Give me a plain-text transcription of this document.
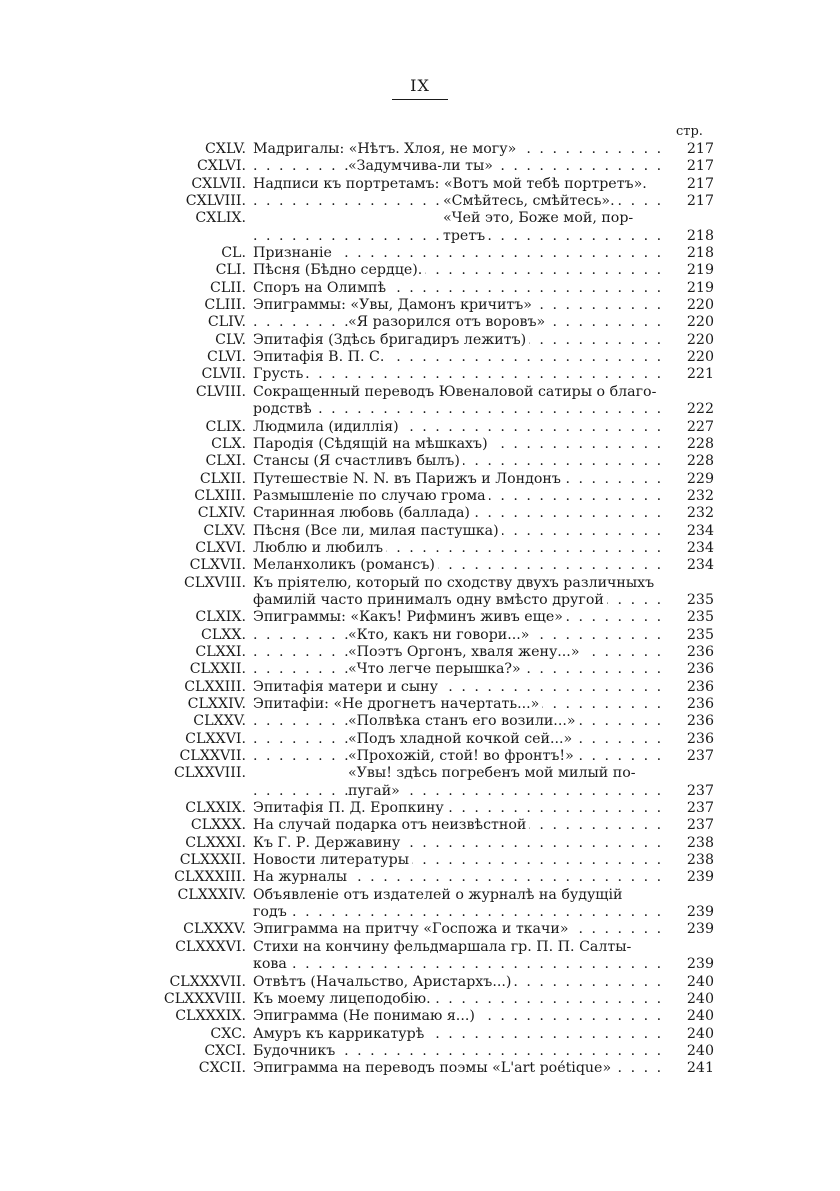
IX
стр.
CXLV. Мадригалы: «Нѣтъ. Хлоя, не могу» . . .	217
CXLVI.	«Задумчива-ли ты» . . .	217
CXLVII. Надписи къ портретамъ: «Вотъ мой тебѣ портретъ».	217
CXLVIII.	«Смѣйтесь, смѣйтесь». . . .	217
CXLIX.	«Чей это, Боже мой, пор-
третъ . . .	218
CL. Признаніе . . .	218
CLI. Пѣсня (Бѣдно сердце). . . .	219
CLII. Споръ на Олимпѣ . . .	219
CLIII. Эпиграммы: «Увы, Дамонъ кричитъ» . . .	220
CLIV.	«Я разорился отъ воровъ» . . .	220
CLV. Эпитафія (Здѣсь бригадиръ лежитъ) . . .	220
CLVI. Эпитафія В. П. С. . . .	220
CLVII. Грусть . . .	221
CLVIII. Сокращенный переводъ Ювеналовой сатиры о благо-
родствѣ . . .	222
CLIX. Людмила (идиллія) . . .	227
CLX. Пародія (Сѣдящій на мѣшкахъ) . . .	228
CLXI. Стансы (Я счастливъ былъ) . . .	228
CLXII. Путешествіе N. N. въ Парижъ и Лондонъ . . .	229
CLXIII. Размышленіе по случаю грома . . .	232
CLXIV. Старинная любовь (баллада) . . .	232
CLXV. Пѣсня (Все ли, милая пастушка) . . .	234
CLXVI. Люблю и любилъ . . .	234
CLXVII. Меланхоликъ (романсъ) . . .	234
CLXVIII. Къ пріятелю, который по сходству двухъ различныхъ
фамилій часто принималъ одну вмѣсто другой . . .	235
CLXIX. Эпиграммы: «Какъ! Рифминъ живъ еще» . . .	235
CLXX.	«Кто, какъ ни говори...» . . .	235
CLXXI.	«Поэтъ Оргонъ, хваля жену...» . . .	236
CLXXII.	«Что легче перышка?» . . .	236
CLXXIII. Эпитафія матери и сыну . . .	236
CLXXIV. Эпитафіи: «Не дрогнетъ начертать...» . . .	236
CLXXV.	«Полвѣка станъ его возили...» . . .	236
CLXXVI.	«Подъ хладной кочкой сей...» . . .	236
CLXXVII.	«Прохожій, стой! во фронтъ!» . . .	237
CLXXVIII.	«Увы! здѣсь погребенъ мой милый по-
пугай» . . .	237
CLXXIX. Эпитафія П. Д. Еропкину . . .	237
CLXXX. На случай подарка отъ неизвѣстной . . .	237
CLXXXI. Къ Г. Р. Державину . . .	238
CLXXXII. Новости литературы . . .	238
CLXXXIII. На журналы . . .	239
CLXXXIV. Объявленіе отъ издателей о журналѣ на будущій
годъ . . .	239
CLXXXV. Эпиграмма на притчу «Госпожа и ткачи» . . .	239
CLXXXVI. Стихи на кончину фельдмаршала гр. П. П. Салты-
кова . . .	239
CLXXXVII. Отвѣтъ (Начальство, Аристархъ...) . . .	240
CLXXXVIII. Къ моему лицеподобію. . . .	240
CLXXXIX. Эпиграмма (Не понимаю я...) . . .	240
CXC. Амуръ къ каррикатурѣ . . .	240
CXCI. Будочникъ . . .	240
CXCII. Эпиграмма на переводъ поэмы «L'art poétique» . . .	241
